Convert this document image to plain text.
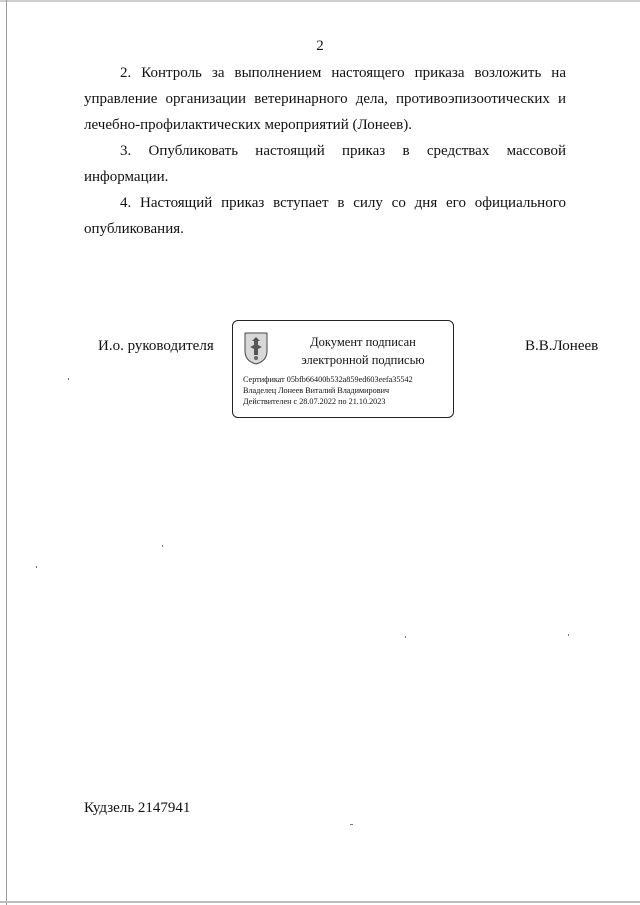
2

2. Контроль за выполнением настоящего приказа возложить на управление организации ветеринарного дела, противоэпизоотических и лечебно-профилактических мероприятий (Лонеев).

3. Опубликовать настоящий приказ в средствах массовой информации.

4. Настоящий приказ вступает в силу со дня его официального опубликования.

И.о. руководителя	Документ подписан
электронной подписью
Сертификат 05bfb66400b532a859ed603eefa35542
Владелец Лонеев Виталий Владимирович
Действителен с 28.07.2022 по 21.10.2023
В.В.Лонеев
Кудзель 2147941
